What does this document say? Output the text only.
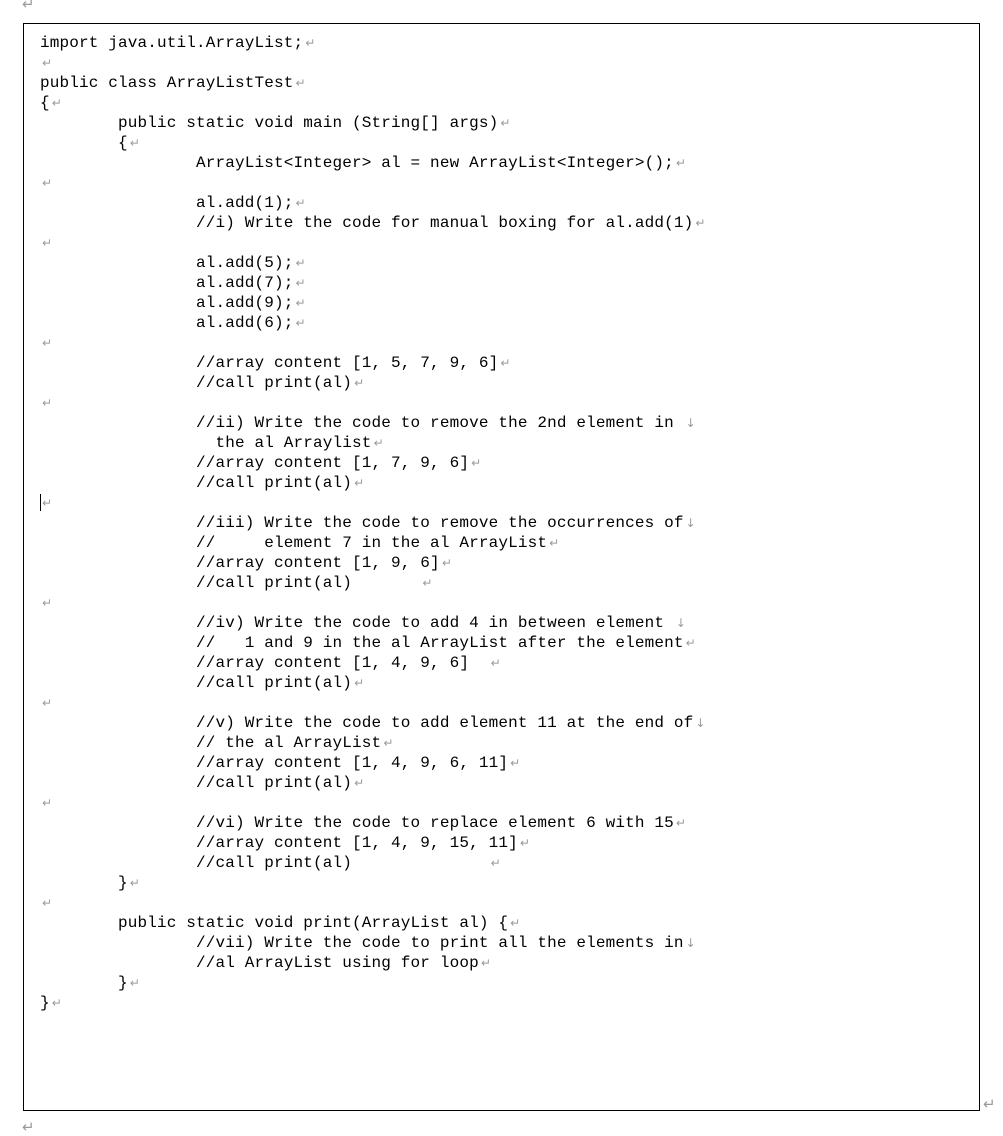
↵
import java.util.ArrayList; ↵
↵
public class ArrayListTest ↵
{ ↵
public static void main (String[] args) ↵
{ ↵
ArrayList<Integer> al = new ArrayList<Integer>(); ↵
↵
al.add(1); ↵
//i) Write the code for manual boxing for al.add(1) ↵
↵
al.add(5); ↵
al.add(7); ↵
al.add(9); ↵
al.add(6); ↵
↵
//array content [1, 5, 7, 9, 6] ↵
//call print(al) ↵
↵
//ii) Write the code to remove the 2nd element in ↓
the al Arraylist ↵
//array content [1, 7, 9, 6] ↵
//call print(al) ↵
↵
//iii) Write the code to remove the occurrences of ↓
//     element 7 in the al ArrayList ↵
//array content [1, 9, 6] ↵
//call print(al)       ↵
↵
//iv) Write the code to add 4 in between element ↓
//   1 and 9 in the al ArrayList after the element ↵
//array content [1, 4, 9, 6]  ↵
//call print(al) ↵
↵
//v) Write the code to add element 11 at the end of ↓
// the al ArrayList ↵
//array content [1, 4, 9, 6, 11] ↵
//call print(al) ↵
↵
//vi) Write the code to replace element 6 with 15 ↵
//array content [1, 4, 9, 15, 11] ↵
//call print(al)              ↵
} ↵
↵
public static void print(ArrayList al) { ↵
//vii) Write the code to print all the elements in ↓
//al ArrayList using for loop ↵
} ↵
} ↵
↵
↵
